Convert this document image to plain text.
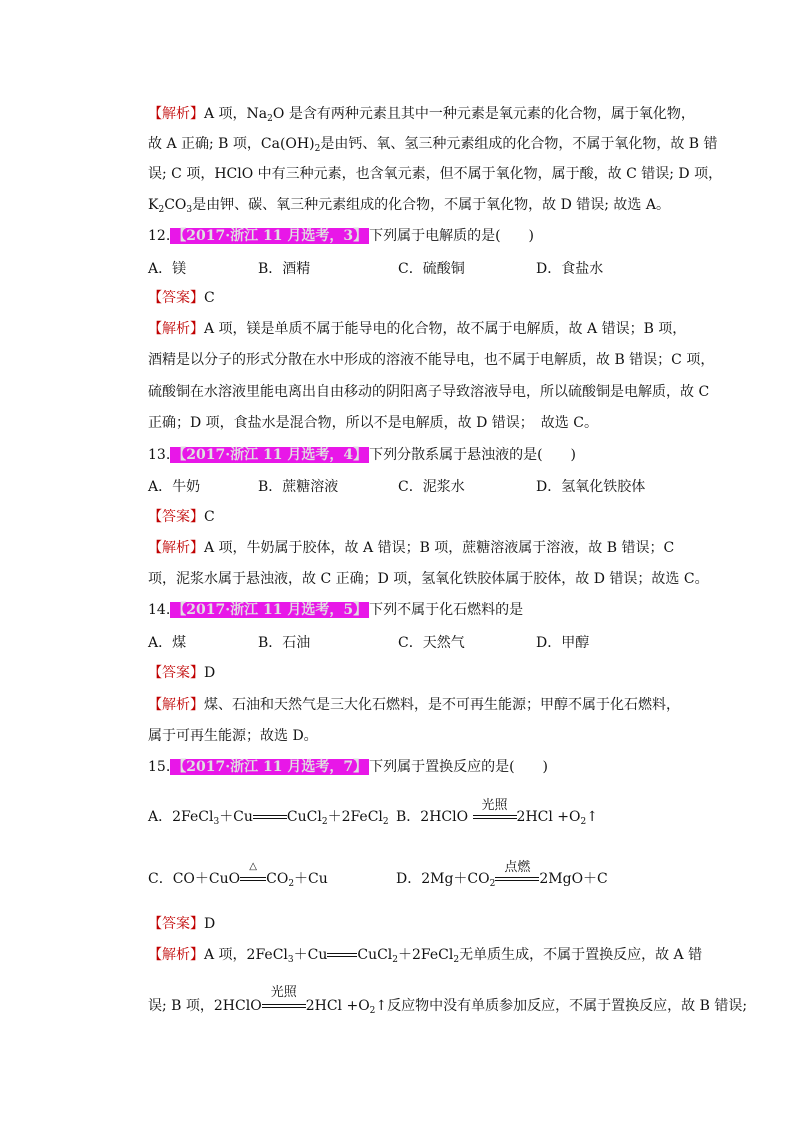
【解析】A 项，$Na_2O$ 是含有两种元素且其中一种元素是氧元素的化合物，属于氧化物，
故 A 正确; B 项，$Ca(OH)_2$是由钙、氧、氢三种元素组成的化合物，不属于氧化物，故 B 错
误; C 项，HClO 中有三种元素，也含氧元素，但不属于氧化物，属于酸，故 C 错误; D 项，
$K_2CO_3$是由钾、碳、氧三种元素组成的化合物，不属于氧化物，故 D 错误; 故选 A。
12. 【2017·浙江 11 月选考，3】 下列属于电解质的是(　　)
A．镁	B．酒精	C．硫酸铜	D．食盐水
【答案】C
【解析】A 项，镁是单质不属于能导电的化合物，故不属于电解质，故 A 错误；B 项，
酒精是以分子的形式分散在水中形成的溶液不能导电，也不属于电解质，故 B 错误；C 项，
硫酸铜在水溶液里能电离出自由移动的阴阳离子导致溶液导电，所以硫酸铜是电解质，故 C
正确；D 项，食盐水是混合物，所以不是电解质，故 D 错误；　故选 C。
13. 【2017·浙江 11 月选考，4】 下列分散系属于悬浊液的是(　　)
A．牛奶	B．蔗糖溶液	C．泥浆水	D．氢氧化铁胶体
【答案】C
【解析】A 项，牛奶属于胶体，故 A 错误；B 项，蔗糖溶液属于溶液，故 B 错误；C
项，泥浆水属于悬浊液，故 C 正确；D 项，氢氧化铁胶体属于胶体，故 D 错误；故选 C。
14. 【2017·浙江 11 月选考，5】 下列不属于化石燃料的是
A．煤	B．石油	C．天然气	D．甲醇
【答案】D
【解析】煤、石油和天然气是三大化石燃料，是不可再生能源；甲醇不属于化石燃料，
属于可再生能源；故选 D。
15. 【2017·浙江 11 月选考，7】 下列属于置换反应的是(　　)
A．2FeCl$_3$＋Cu CuCl$_2$＋2FeCl$_2$ B．2HClO
光照
$2HCl +O_2↑$
C．CO＋CuO
△
$CO_2+Cu$	D．$2Mg+CO_2$
点燃
2MgO＋C
【答案】D
【解析】A 项，2FeCl$_3$＋Cu CuCl$_2$＋2FeCl$_2$无单质生成，不属于置换反应，故 A 错
误; B 项，2HClO
光照
$2HCl +O_2↑$反应物中没有单质参加反应，不属于置换反应，故 B 错误;
